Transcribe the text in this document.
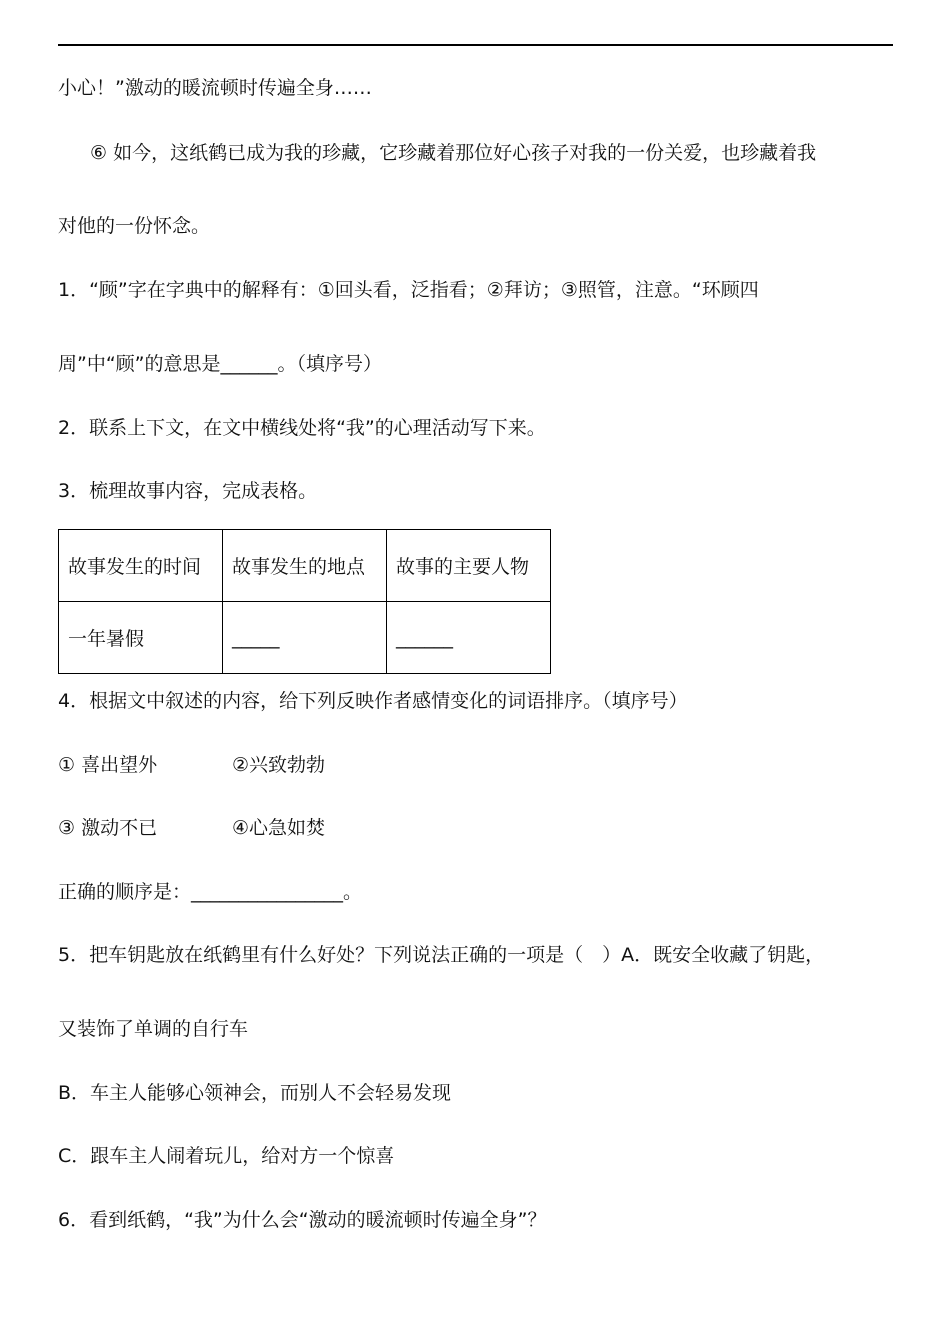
小心！”激动的暖流顿时传遍全身……
⑥ 如今，这纸鹤已成为我的珍藏，它珍藏着那位好心孩子对我的一份关爱，也珍藏着我
对他的一份怀念。
1．“顾”字在字典中的解释有：①回头看，泛指看；②拜访；③照管，注意。“环顾四
周”中“顾”的意思是______。（填序号）
2．联系上下文，在文中横线处将“我”的心理活动写下来。
3．梳理故事内容，完成表格。
故事发生的时间	故事发生的地点	故事的主要人物
一年暑假	_____	______
4．根据文中叙述的内容，给下列反映作者感情变化的词语排序。（填序号）
① 喜出望外	②兴致勃勃
③ 激动不已	④心急如焚
正确的顺序是：________________。
5．把车钥匙放在纸鹤里有什么好处？下列说法正确的一项是（　）A．既安全收藏了钥匙，
又装饰了单调的自行车
B．车主人能够心领神会，而别人不会轻易发现
C．跟车主人闹着玩儿，给对方一个惊喜
6．看到纸鹤，“我”为什么会“激动的暖流顿时传遍全身”？
